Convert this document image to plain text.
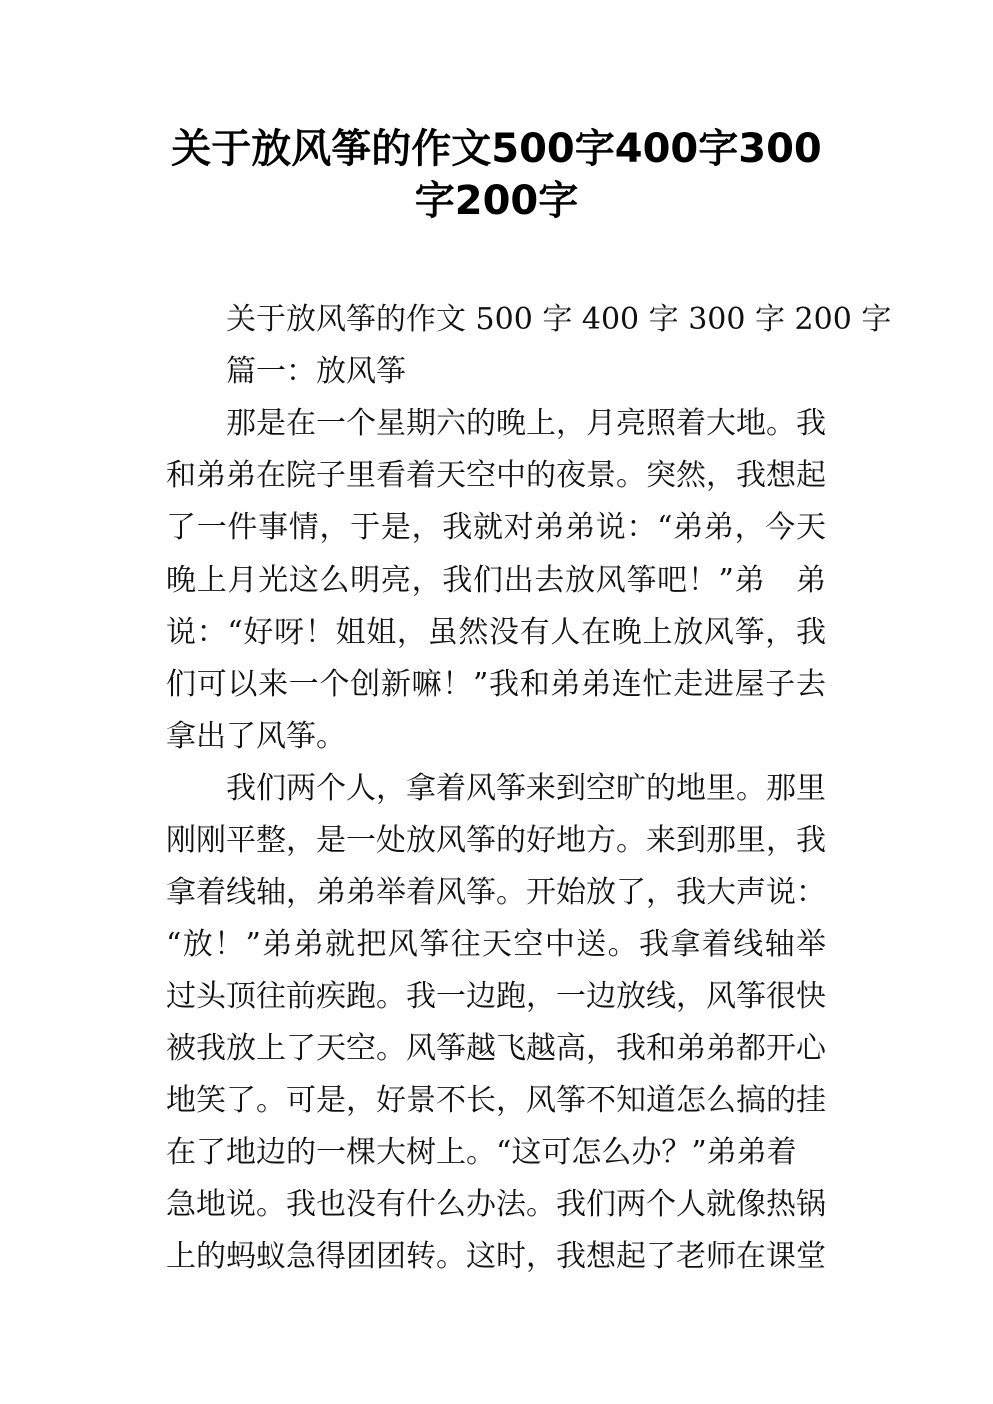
关于放风筝的作文500字400字300
字200字
关于放风筝的作文 500 字 400 字 300 字 200 字
篇一：放风筝
那是在一个星期六的晚上，月亮照着大地。我
和弟弟在院子里看着天空中的夜景。突然，我想起
了一件事情，于是，我就对弟弟说：“弟弟，今天
晚上月光这么明亮，我们出去放风筝吧！”弟　弟
说：“好呀！姐姐，虽然没有人在晚上放风筝，我
们可以来一个创新嘛！”我和弟弟连忙走进屋子去
拿出了风筝。
我们两个人，拿着风筝来到空旷的地里。那里
刚刚平整，是一处放风筝的好地方。来到那里，我
拿着线轴，弟弟举着风筝。开始放了，我大声说：
“放！”弟弟就把风筝往天空中送。我拿着线轴举
过头顶往前疾跑。我一边跑，一边放线，风筝很快
被我放上了天空。风筝越飞越高，我和弟弟都开心
地笑了。可是，好景不长，风筝不知道怎么搞的挂
在了地边的一棵大树上。“这可怎么办？”弟弟着
急地说。我也没有什么办法。我们两个人就像热锅
上的蚂蚁急得团团转。这时，我想起了老师在课堂
